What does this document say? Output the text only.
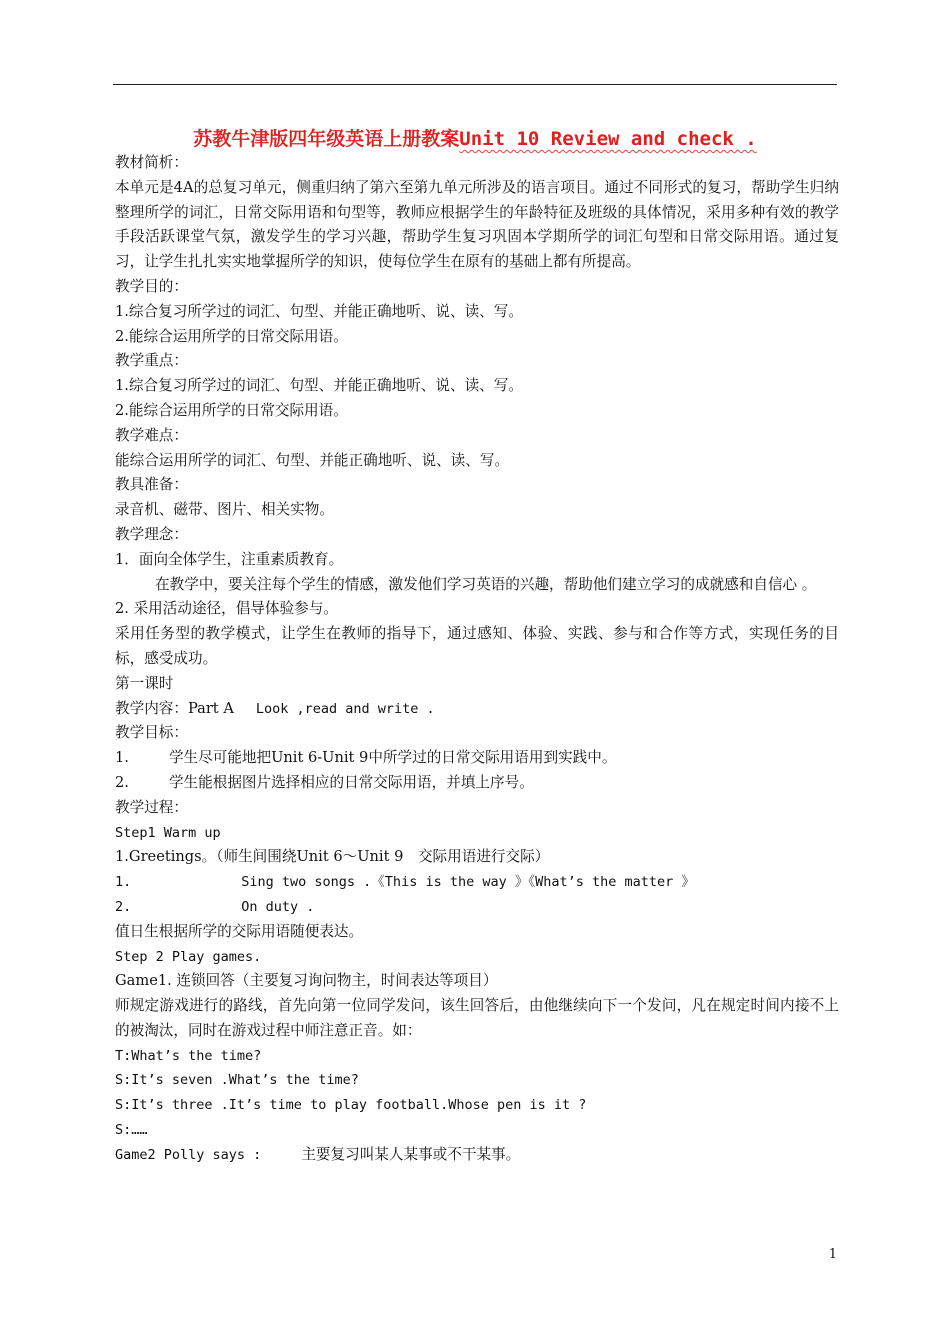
苏教牛津版四年级英语上册教案Unit 10 Review and check .
教材简析：
本单元是4A的总复习单元，侧重归纳了第六至第九单元所涉及的语言项目。通过不同形式的复习，帮助学生归纳整理所学的词汇，日常交际用语和句型等，教师应根据学生的年龄特征及班级的具体情况，采用多种有效的教学手段活跃课堂气氛，激发学生的学习兴趣，帮助学生复习巩固本学期所学的词汇句型和日常交际用语。通过复习，让学生扎扎实实地掌握所学的知识，使每位学生在原有的基础上都有所提高。
教学目的：
1.综合复习所学过的词汇、句型、并能正确地听、说、读、写。
2.能综合运用所学的日常交际用语。
教学重点：
1.综合复习所学过的词汇、句型、并能正确地听、说、读、写。
2.能综合运用所学的日常交际用语。
教学难点：
能综合运用所学的词汇、句型、并能正确地听、说、读、写。
教具准备：
录音机、磁带、图片、相关实物。
教学理念：
1．面向全体学生，注重素质教育。
在教学中，要关注每个学生的情感，激发他们学习英语的兴趣，帮助他们建立学习的成就感和自信心 。
2. 采用活动途径，倡导体验参与。
采用任务型的教学模式，让学生在教师的指导下，通过感知、体验、实践、参与和合作等方式，实现任务的目标，感受成功。
第一课时
教学内容：Part A Look ,read and write .
教学目标：
1.	学生尽可能地把Unit 6-Unit 9中所学过的日常交际用语用到实践中。
2.	学生能根据图片选择相应的日常交际用语，并填上序号。
教学过程：
Step1 Warm up
1.Greetings。（师生间围绕Unit 6～Unit 9　交际用语进行交际）
1.	Sing two songs .《This is the way 》《What’s the matter 》
2.	On duty .
值日生根据所学的交际用语随便表达。
Step 2 Play games.
Game1. 连锁回答（主要复习询问物主，时间表达等项目）
师规定游戏进行的路线，首先向第一位同学发问，该生回答后，由他继续向下一个发问，凡在规定时间内接不上的被淘汰，同时在游戏过程中师注意正音。如：
T:What’s the time?
S:It’s seven .What’s the time?
S:It’s three .It’s time to play football.Whose pen is it ?
S:……
Game2 Polly says :	主要复习叫某人某事或不干某事。
1
